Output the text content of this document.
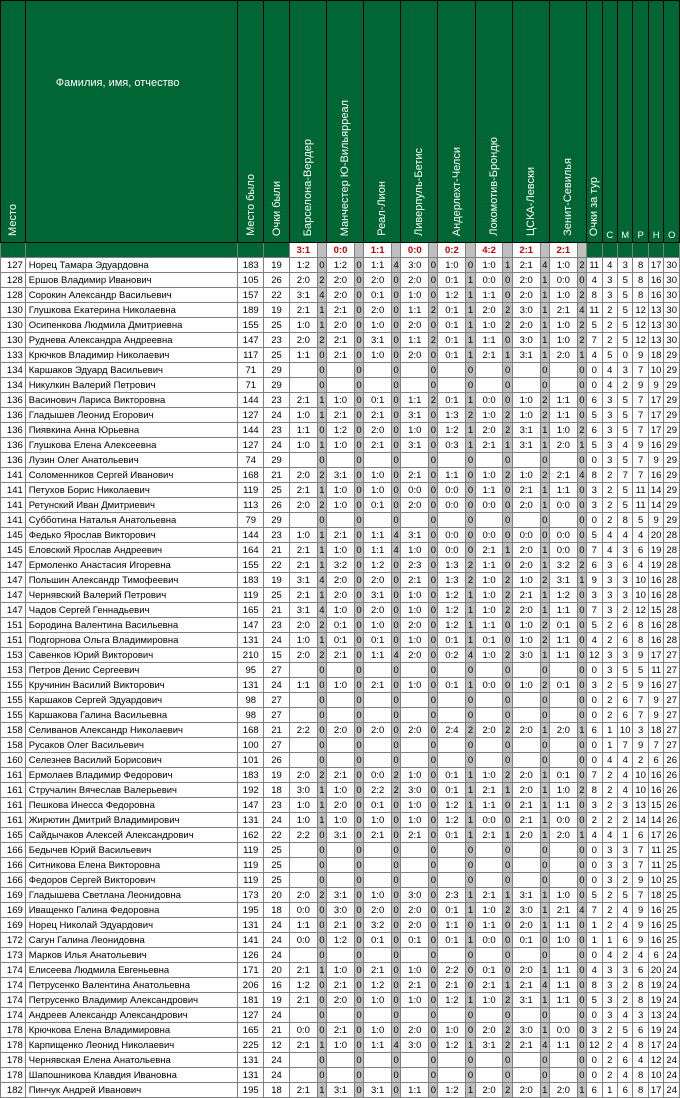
Место	Фамилия, имя, отчество	Место было	Очки были	Барселона-Вердер		Манчестер Ю-Вильярреал		Реал-Лион		Ливерпуль-Бетис		Андерлехт-Челси		Локомотив-Брондю		ЦСКА-Левски		Зенит-Севилья		Очки за тур	С	М	Р	Н	О
				3:1		0:0		1:1		0:0		0:2		4:2		2:1		2:1							
127	Норец Тамара Эдуардовна	183	19	1:2	0	1:2	0	1:1	4	3:0	0	1:0	0	1:0	1	2:1	4	1:0	2	11	4	3	8	17	30
128	Ершов Владимир Иванович	105	26	2:0	2	2:0	0	2:0	0	2:0	0	0:1	1	0:0	0	2:0	1	0:0	0	4	3	5	8	16	30
128	Сорокин Александр Васильевич	157	22	3:1	4	2:0	0	0:1	0	1:0	0	1:2	1	1:1	0	2:0	1	1:0	2	8	3	5	8	16	30
130	Глушкова Екатерина Николаевна	189	19	2:1	1	2:1	0	2:0	0	1:1	2	0:1	1	2:0	2	3:0	1	2:1	4	11	2	5	12	13	30
130	Осипенкова Людмила Дмитриевна	155	25	1:0	1	2:0	0	1:0	0	2:0	0	0:1	1	1:0	2	2:0	1	1:0	2	5	2	5	12	13	30
130	Руднева Александра Андреевна	147	23	2:0	2	2:1	0	3:1	0	1:1	2	0:1	1	1:1	0	3:0	1	1:0	2	7	2	5	12	13	30
133	Крючков Владимир Николаевич	117	25	1:1	0	2:1	0	1:0	0	2:0	0	0:1	1	2:1	1	3:1	1	2:0	1	4	5	0	9	18	29
134	Каршаков Эдуард Васильевич	71	29		0		0		0		0		0		0		0		0	0	4	3	7	10	29
134	Никулкин Валерий Петрович	71	29		0		0		0		0		0		0		0		0	0	4	2	9	9	29
136	Васинович Лариса Викторовна	144	23	2:1	1	1:0	0	0:1	0	1:1	2	0:1	1	0:0	0	1:0	2	1:1	0	6	3	5	7	17	29
136	Гладышев Леонид Егорович	127	24	1:0	1	2:1	0	2:1	0	3:1	0	1:3	2	1:0	2	1:0	2	1:1	0	5	3	5	7	17	29
136	Пиявкина Анна Юрьевна	144	23	1:1	0	1:2	0	2:0	0	1:0	0	1:2	1	2:0	2	3:1	1	1:0	2	6	3	5	7	17	29
136	Глушкова Елена Алексеевна	127	24	1:0	1	1:0	0	2:1	0	3:1	0	0:3	1	2:1	1	3:1	1	2:0	1	5	3	4	9	16	29
136	Лузин Олег Анатольевич	74	29		0		0		0		0		0		0		0		0	0	3	5	7	9	29
141	Соломенников Сергей Иванович	168	21	2:0	2	3:1	0	1:0	0	2:1	0	1:1	0	1:0	2	1:0	2	2:1	4	8	2	7	7	16	29
141	Петухов Борис Николаевич	119	25	2:1	1	1:0	0	1:0	0	0:0	0	0:0	0	1:1	0	2:1	1	1:1	0	3	2	5	11	14	29
141	Ретунский Иван Дмитриевич	113	26	2:0	2	1:0	0	0:1	0	2:0	0	0:0	0	0:0	0	2:0	1	0:0	0	3	2	5	11	14	29
141	Субботина Наталья Анатольевна	79	29		0		0		0		0		0		0		0		0	0	2	8	5	9	29
145	Федько Ярослав Викторович	144	23	1:0	1	2:1	0	1:1	4	3:1	0	0:0	0	0:0	0	0:0	0	0:0	0	5	4	4	4	20	28
145	Еловский Ярослав Андреевич	164	21	2:1	1	1:0	0	1:1	4	1:0	0	0:0	0	2:1	1	2:0	1	0:0	0	7	4	3	6	19	28
147	Ермоленко Анастасия Игоревна	155	22	2:1	1	3:2	0	1:2	0	2:3	0	1:3	2	1:1	0	2:0	1	3:2	2	6	3	6	4	19	28
147	Польшин Александр Тимофеевич	183	19	3:1	4	2:0	0	2:0	0	2:1	0	1:3	2	1:0	2	1:0	2	3:1	1	9	3	3	10	16	28
147	Чернявский Валерий Петрович	119	25	2:1	1	2:0	0	3:1	0	1:0	0	1:2	1	1:0	2	2:1	1	1:2	0	3	3	3	10	16	28
147	Чадов Сергей Геннадьевич	165	21	3:1	4	1:0	0	2:0	0	1:0	0	1:2	1	1:0	2	2:0	1	1:1	0	7	3	2	12	15	28
151	Бородина Валентина Васильевна	147	23	2:0	2	0:1	0	1:0	0	2:0	0	1:2	1	1:1	0	1:0	2	0:1	0	5	2	6	8	16	28
151	Подгорнова Ольга Владимировна	131	24	1:0	1	0:1	0	0:1	0	1:0	0	0:1	1	0:1	0	1:0	2	1:1	0	4	2	6	8	16	28
153	Савенков Юрий Викторович	210	15	2:0	2	2:1	0	1:1	4	2:0	0	0:2	4	1:0	2	3:0	1	1:1	0	12	3	3	9	17	27
153	Петров Денис Сергеевич	95	27		0		0		0		0		0		0		0		0	0	3	5	5	11	27
155	Кручинин Василий Викторович	131	24	1:1	0	1:0	0	2:1	0	1:0	0	0:1	1	0:0	0	1:0	2	0:1	0	3	2	5	9	16	27
155	Каршаков Сергей Эдуардович	98	27		0		0		0		0		0		0		0		0	0	2	6	7	9	27
155	Каршакова Галина Васильевна	98	27		0		0		0		0		0		0		0		0	0	2	6	7	9	27
158	Селиванов Александр Николаевич	168	21	2:2	0	2:0	0	2:0	0	2:0	0	2:4	2	2:0	2	2:0	1	2:0	1	6	1	10	3	18	27
158	Русаков Олег Васильевич	100	27		0		0		0		0		0		0		0		0	0	1	7	9	7	27
160	Селезнев Василий Борисович	101	26		0		0		0		0		0		0		0		0	0	4	4	2	6	26
161	Ермолаев Владимир Федорович	183	19	2:0	2	2:1	0	0:0	2	1:0	0	0:1	1	1:0	2	2:0	1	0:1	0	7	2	4	10	16	26
161	Стручалин Вячеслав Валерьевич	192	18	3:0	1	1:0	0	2:2	2	3:0	0	0:1	1	2:1	1	2:0	1	1:0	2	8	2	4	10	16	26
161	Пешкова Инесса Федоровна	147	23	1:0	1	2:0	0	0:1	0	1:0	0	1:2	1	1:1	0	2:1	1	1:1	0	3	2	3	13	15	26
161	Жирютин Дмитрий Владимирович	131	24	1:0	1	1:0	0	1:0	0	1:0	0	1:2	1	0:0	0	2:1	1	0:0	0	2	2	2	14	14	26
165	Сайдычаков Алексей Александрович	162	22	2:2	0	3:1	0	2:1	0	2:1	0	0:1	1	2:1	1	2:0	1	2:0	1	4	4	1	6	17	26
166	Бедычев Юрий Васильевич	119	25		0		0		0		0		0		0		0		0	0	3	3	7	11	25
166	Ситникова Елена Викторовна	119	25		0		0		0		0		0		0		0		0	0	3	3	7	11	25
166	Федоров Сергей Викторович	119	25		0		0		0		0		0		0		0		0	0	3	2	9	10	25
169	Гладышева Светлана Леонидовна	173	20	2:0	2	3:1	0	1:0	0	3:0	0	2:3	1	2:1	1	3:1	1	1:0	0	5	2	5	7	18	25
169	Иващенко Галина Федоровна	195	18	0:0	0	3:0	0	2:0	0	2:0	0	0:1	1	1:0	2	3:0	1	2:1	4	7	2	4	9	16	25
169	Норец Николай Эдуардович	131	24	1:1	0	2:1	0	3:2	0	2:0	0	1:1	0	1:1	0	2:0	1	1:1	0	1	2	4	9	16	25
172	Сагун Галина Леонидовна	141	24	0:0	0	1:2	0	0:1	0	0:1	0	0:1	1	0:0	0	0:1	0	1:0	0	1	1	6	9	16	25
173	Марков Илья Анатольевич	126	24		0		0		0		0		0		0		0		0	0	4	2	4	6	24
174	Елисеева Людмила Евгеньевна	171	20	2:1	1	1:0	0	2:1	0	1:0	0	2:2	0	0:1	0	2:0	1	1:1	0	4	3	3	6	20	24
174	Петрусенко Валентина Анатольевна	206	16	1:2	0	2:1	0	1:2	0	2:1	0	2:1	0	2:1	1	2:1	4	1:1	0	8	3	2	8	19	24
174	Петрусенко Владимир Александрович	181	19	2:1	0	2:0	0	1:0	0	1:0	0	1:2	1	1:0	2	3:1	1	1:1	0	5	3	2	8	19	24
174	Андреев Александр Александрович	127	24		0		0		0		0		0		0		0		0	0	3	4	3	13	24
178	Крючкова Елена Владимировна	165	21	0:0	0	2:1	0	1:0	0	2:0	0	1:0	0	2:0	2	3:0	1	0:0	0	3	2	5	6	19	24
178	Карпищенко Леонид Николаевич	225	12	2:1	1	1:0	0	1:1	4	3:0	0	1:2	1	3:1	2	2:1	4	1:1	0	12	2	4	8	17	24
178	Чернявская Елена Анатольевна	131	24		0		0		0		0		0		0		0		0	0	2	6	4	12	24
178	Шапошникова Клавдия Ивановна	131	24		0		0		0		0		0		0		0		0	0	2	4	8	10	24
182	Пинчук Андрей Иванович	195	18	2:1	1	3:1	0	3:1	0	1:1	0	1:2	1	2:0	2	2:0	1	2:0	1	6	1	6	8	17	24
